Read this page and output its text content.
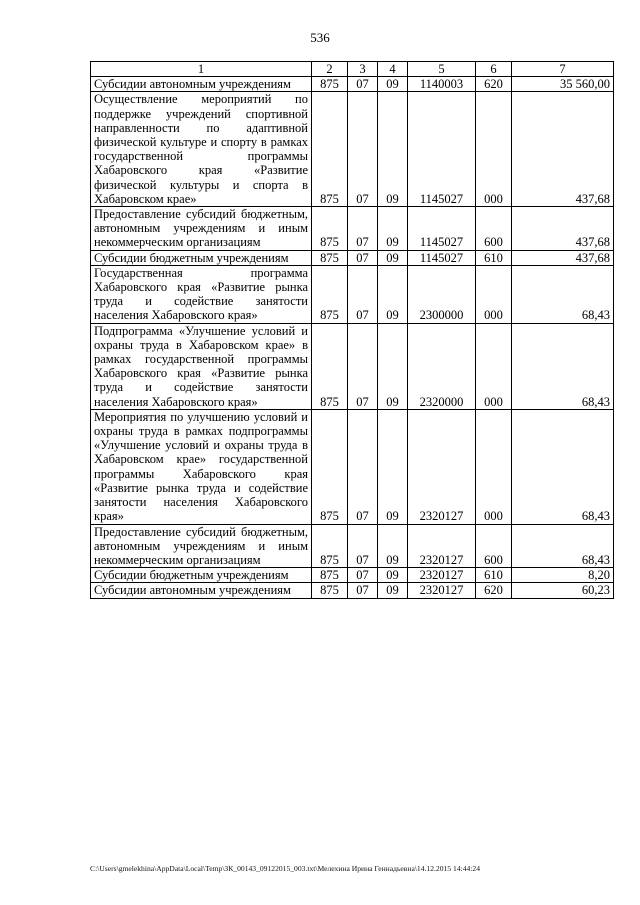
536
1	2	3	4	5	6	7
Субсидии автономным учреждениям	875	07	09	1140003	620	35 560,00
Осуществление мероприятий по поддержке учреждений спортивной направленности по адаптивной физической культуре и спорту в рамках государственной программы Хабаровского края «Развитие физической культуры и спорта в Хабаровском крае»	875	07	09	1145027	000	437,68
Предоставление субсидий бюджетным, автономным учреждениям и иным некоммерческим организациям	875	07	09	1145027	600	437,68
Субсидии бюджетным учреждениям	875	07	09	1145027	610	437,68
Государственная программа Хабаровского края «Развитие рынка труда и содействие занятости населения Хабаровского края»	875	07	09	2300000	000	68,43
Подпрограмма «Улучшение условий и охраны труда в Хабаровском крае» в рамках государственной программы Хабаровского края «Развитие рынка труда и содействие занятости населения Хабаровского края»	875	07	09	2320000	000	68,43
Мероприятия по улучшению условий и охраны труда в рамках подпрограммы «Улучшение условий и охраны труда в Хабаровском крае» государственной программы Хабаровского края «Развитие рынка труда и содействие занятости населения Хабаровского края»	875	07	09	2320127	000	68,43
Предоставление субсидий бюджетным, автономным учреждениям и иным некоммерческим организациям	875	07	09	2320127	600	68,43
Субсидии бюджетным учреждениям	875	07	09	2320127	610	8,20
Субсидии автономным учреждениям	875	07	09	2320127	620	60,23
C:\Users\gmelekhina\AppData\Local\Temp\ЗК_00143_09122015_003.txt\Мелехина Ирина Геннадьевна\14.12.2015 14:44:24
